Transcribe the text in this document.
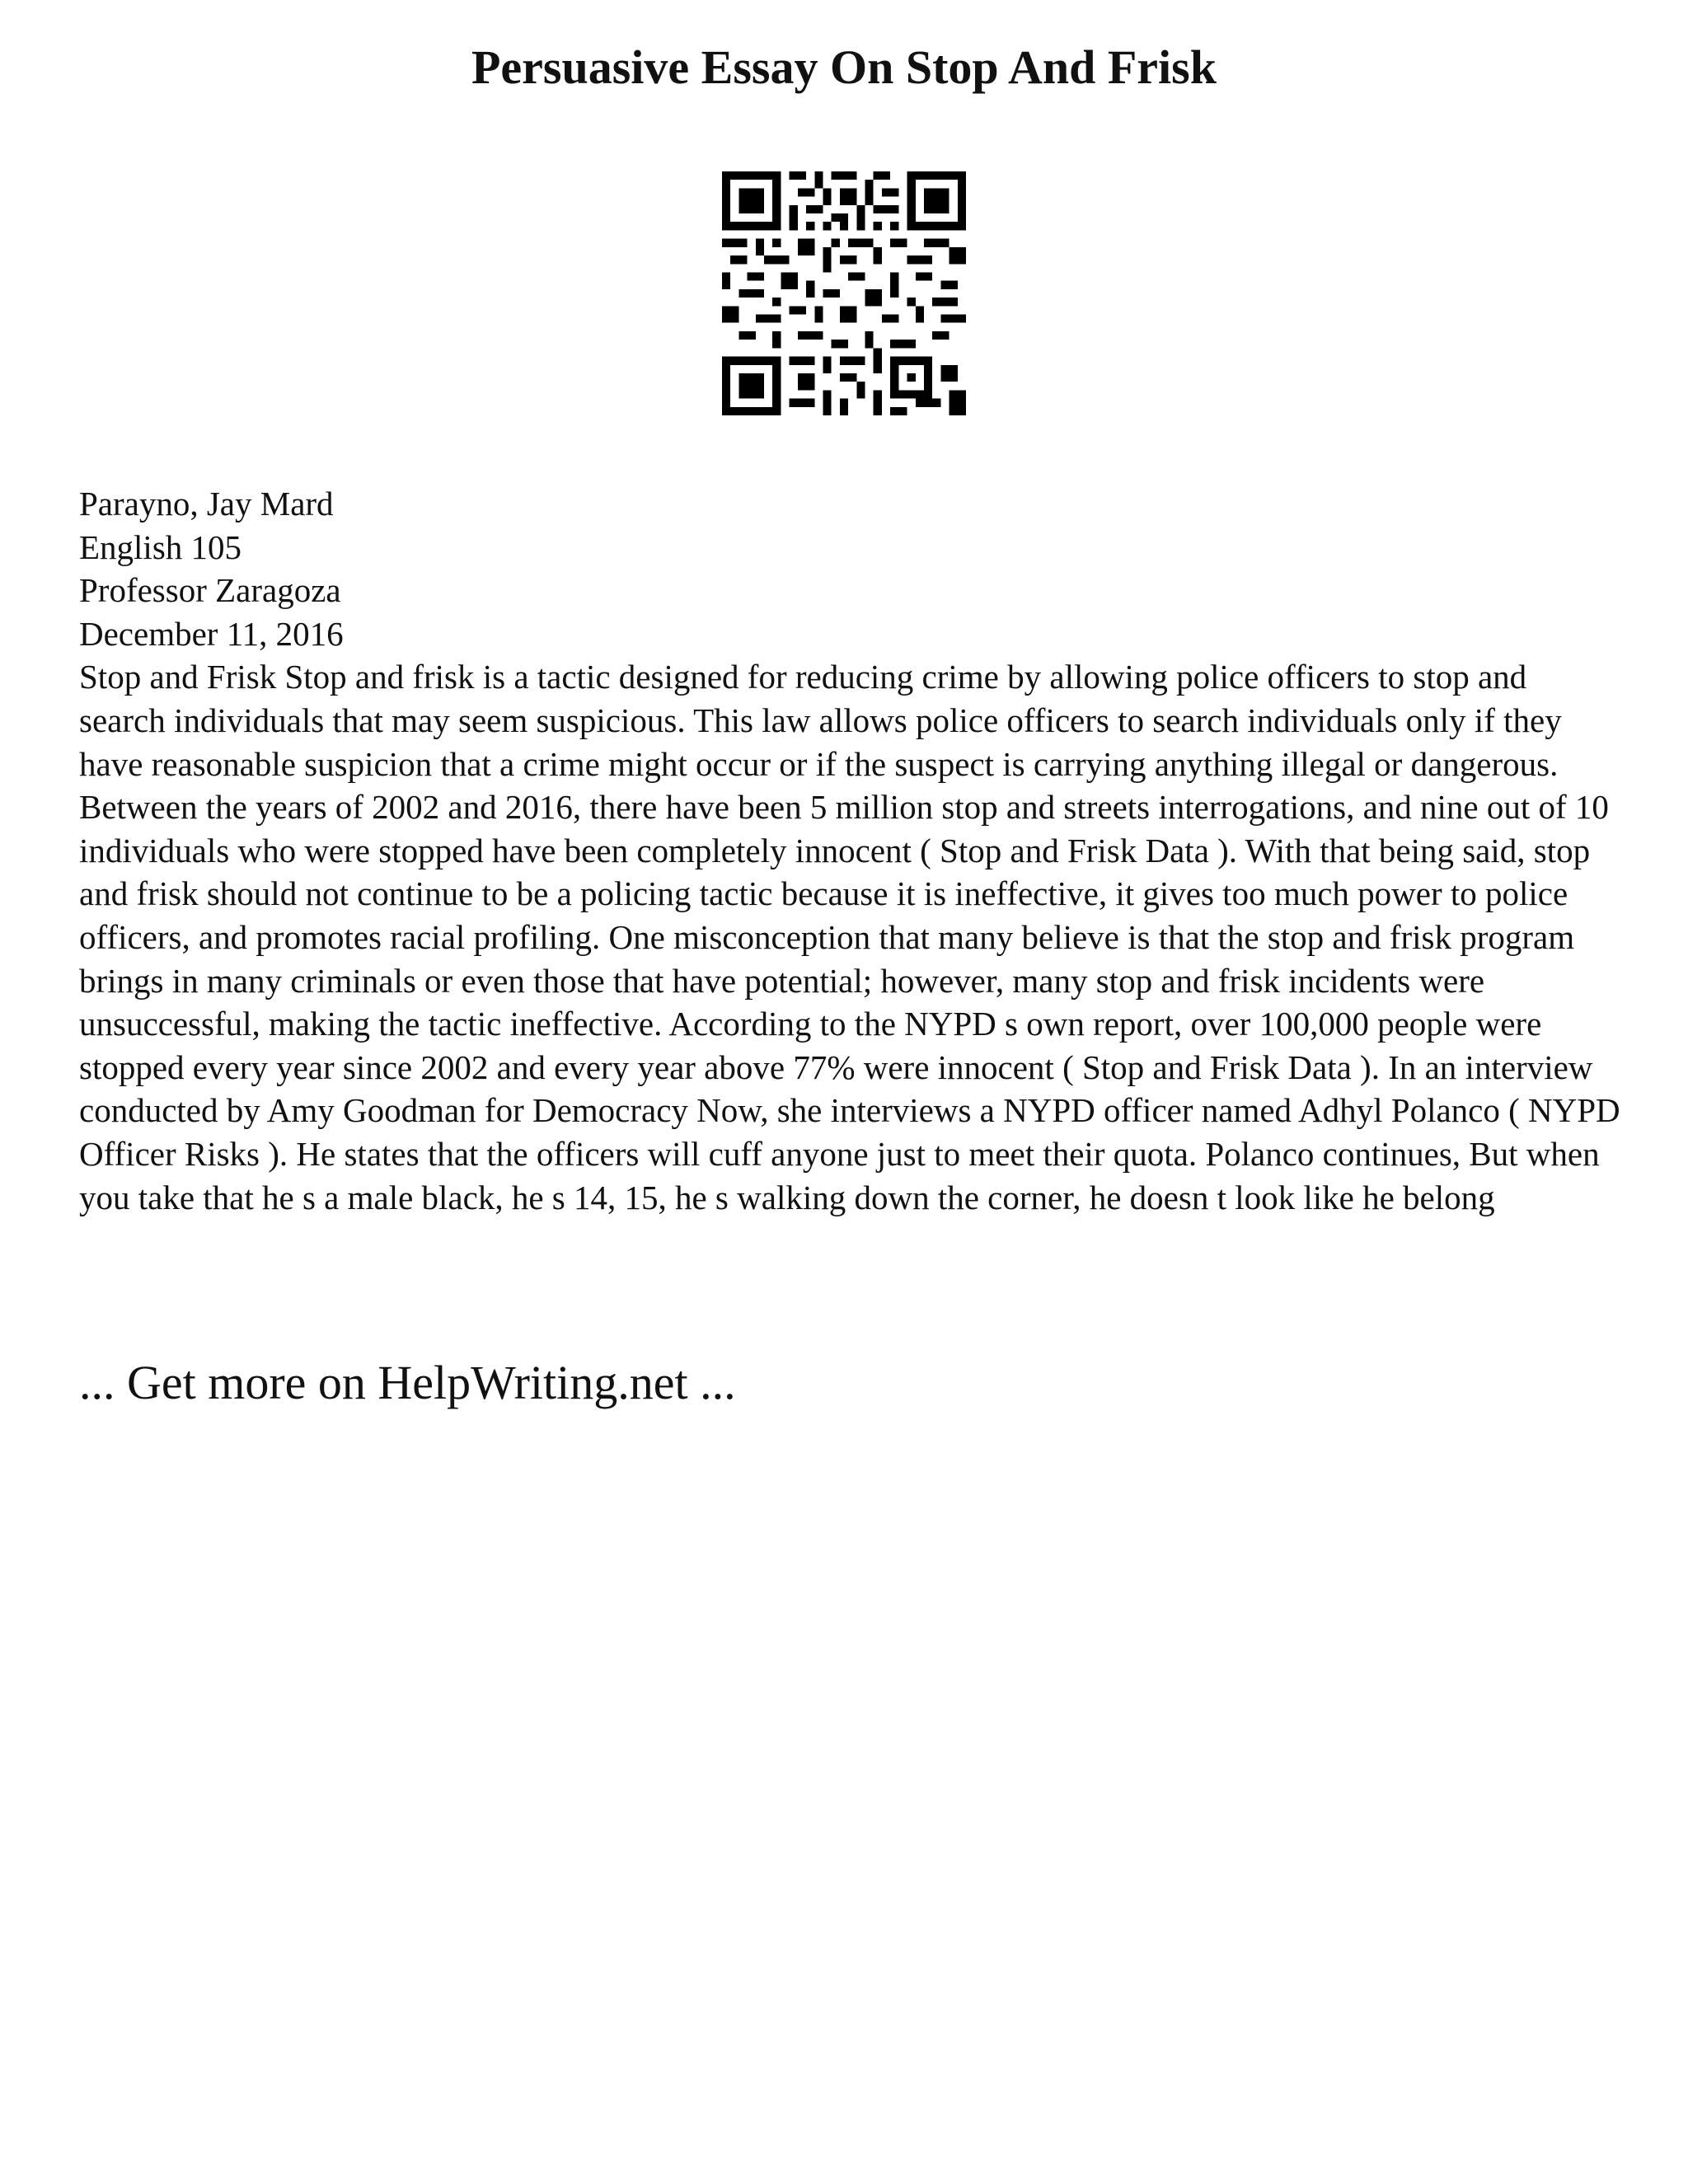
Persuasive Essay On Stop And Frisk
Parayno, Jay Mard
English 105
Professor Zaragoza
December 11, 2016

Stop and Frisk Stop and frisk is a tactic designed for reducing crime by allowing police officers to stop and search individuals that may seem suspicious. This law allows police officers to search individuals only if they have reasonable suspicion that a crime might occur or if the suspect is carrying anything illegal or dangerous. Between the years of 2002 and 2016, there have been 5 million stop and streets interrogations, and nine out of 10 individuals who were stopped have been completely innocent ( Stop and Frisk Data ). With that being said, stop and frisk should not continue to be a policing tactic because it is ineffective, it gives too much power to police officers, and promotes racial profiling. One misconception that many believe is that the stop and frisk program brings in many criminals or even those that have potential; however, many stop and frisk incidents were unsuccessful, making the tactic ineffective. According to the NYPD s own report, over 100,000 people were stopped every year since 2002 and every year above 77% were innocent ( Stop and Frisk Data ). In an interview conducted by Amy Goodman for Democracy Now, she interviews a NYPD officer named Adhyl Polanco ( NYPD Officer Risks ). He states that the officers will cuff anyone just to meet their quota. Polanco continues, But when you take that he s a male black, he s 14, 15, he s walking down the corner, he doesn t look like he belong

... Get more on HelpWriting.net ...
